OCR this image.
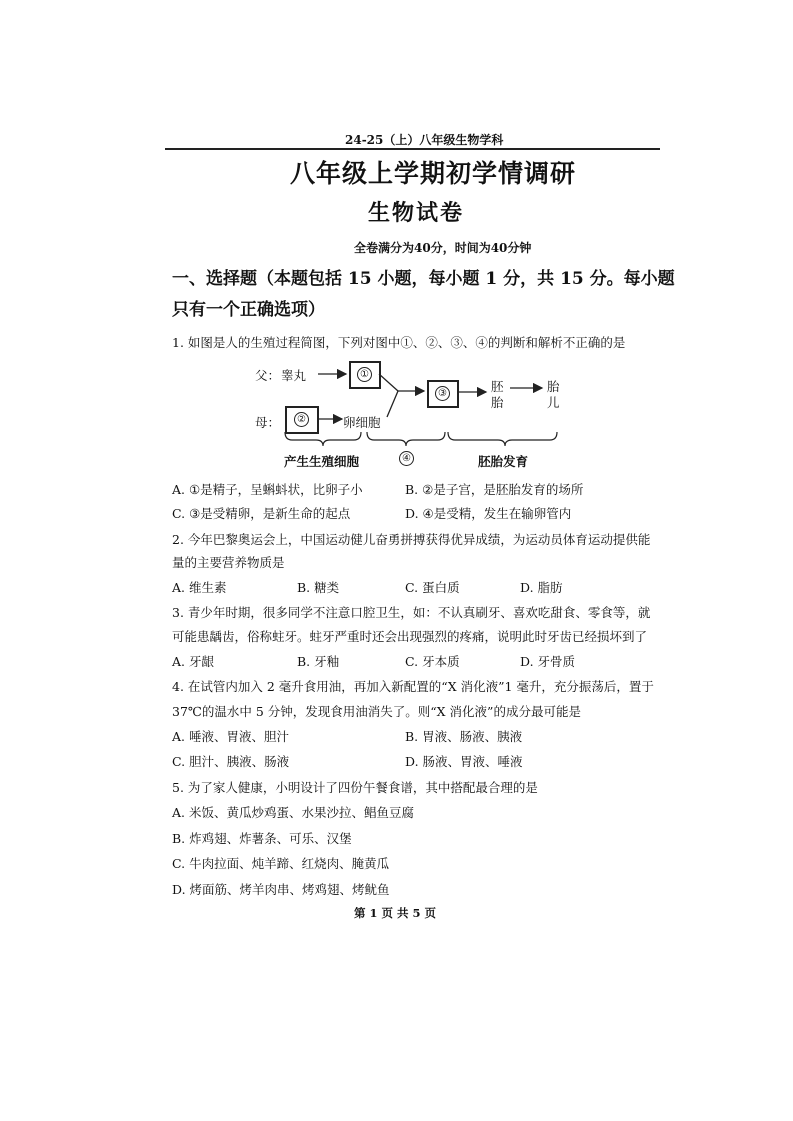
24-25（上）八年级生物学科
八年级上学期初学情调研
生物试卷
全卷满分为40分，时间为40分钟
一、选择题（本题包括 15 小题，每小题 1 分，共 15 分。每小题
只有一个正确选项）
1. 如图是人的生殖过程简图，下列对图中①、②、③、④的判断和解析不正确的是
父： 睾丸
母：
①
②
③
卵细胞
胚
胎
胎
儿
产生生殖细胞	④	胚胎发育
A. ①是精子，呈蝌蚪状，比卵子小	B. ②是子宫，是胚胎发育的场所
C. ③是受精卵，是新生命的起点	D. ④是受精，发生在输卵管内
2. 今年巴黎奥运会上，中国运动健儿奋勇拼搏获得优异成绩，为运动员体育运动提供能
量的主要营养物质是
A. 维生素	B. 糖类	C. 蛋白质	D. 脂肪
3. 青少年时期，很多同学不注意口腔卫生，如：不认真刷牙、喜欢吃甜食、零食等，就
可能患龋齿，俗称蛀牙。蛀牙严重时还会出现强烈的疼痛，说明此时牙齿已经损坏到了
A. 牙龈	B. 牙釉	C. 牙本质	D. 牙骨质
4. 在试管内加入 2 毫升食用油，再加入新配置的“X 消化液”1 毫升，充分振荡后，置于
37℃的温水中 5 分钟，发现食用油消失了。则“X 消化液”的成分最可能是
A. 唾液、胃液、胆汁	B. 胃液、肠液、胰液
C. 胆汁、胰液、肠液	D. 肠液、胃液、唾液
5. 为了家人健康，小明设计了四份午餐食谱，其中搭配最合理的是
A. 米饭、黄瓜炒鸡蛋、水果沙拉、鲳鱼豆腐
B. 炸鸡翅、炸薯条、可乐、汉堡
C. 牛肉拉面、炖羊蹄、红烧肉、腌黄瓜
D. 烤面筋、烤羊肉串、烤鸡翅、烤鱿鱼
第 1 页 共 5 页
